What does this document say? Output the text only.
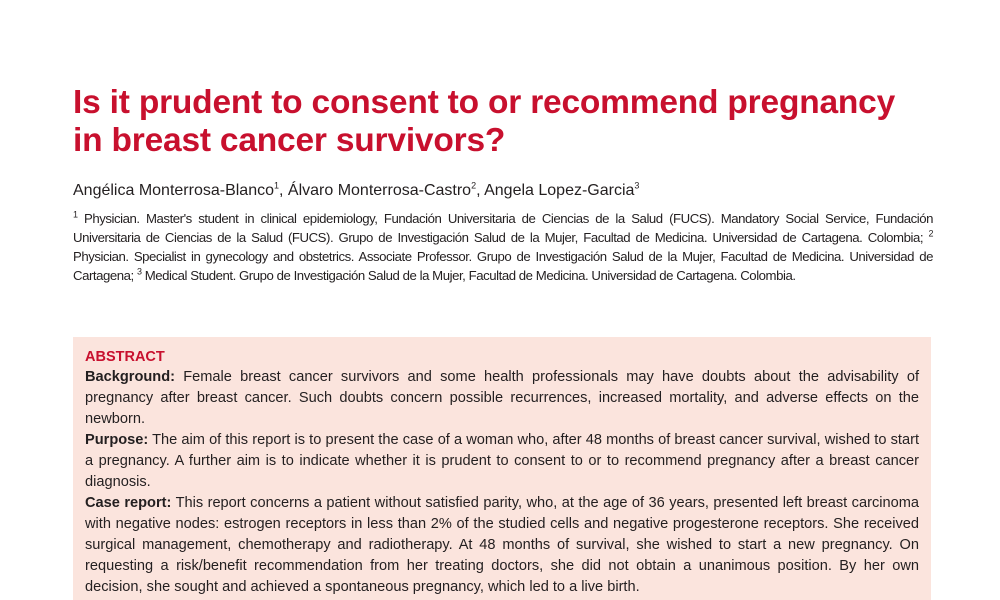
Is it prudent to consent to or recommend pregnancy in breast cancer survivors?
Angélica Monterrosa-Blanco$^1$, Álvaro Monterrosa-Castro$^2$, Angela Lopez-Garcia$^3$
$^1$ Physician. Master's student in clinical epidemiology, Fundación Universitaria de Ciencias de la Salud (FUCS). Mandatory Social Service, Fundación Universitaria de Ciencias de la Salud (FUCS). Grupo de Investigación Salud de la Mujer, Facultad de Medicina. Universidad de Cartagena. Colombia; $^2$ Physician. Specialist in gynecology and obstetrics. Associate Professor. Grupo de Investigación Salud de la Mujer, Facultad de Medicina. Universidad de Cartagena; $^3$ Medical Student. Grupo de Investigación Salud de la Mujer, Facultad de Medicina. Universidad de Cartagena. Colombia.

ABSTRACT

Background: Female breast cancer survivors and some health professionals may have doubts about the advisability of pregnancy after breast cancer. Such doubts concern possible recurrences, increased mortality, and adverse effects on the newborn.

Purpose: The aim of this report is to present the case of a woman who, after 48 months of breast cancer survival, wished to start a pregnancy. A further aim is to indicate whether it is prudent to consent to or to recommend pregnancy after a breast cancer diagnosis.

Case report: This report concerns a patient without satisfied parity, who, at the age of 36 years, presented left breast carcinoma with negative nodes: estrogen receptors in less than 2% of the studied cells and negative progesterone receptors. She received surgical management, chemotherapy and radiotherapy. At 48 months of survival, she wished to start a new pregnancy. On requesting a risk/benefit recommendation from her treating doctors, she did not obtain a unanimous position. By her own decision, she sought and achieved a spontaneous pregnancy, which led to a live birth.
